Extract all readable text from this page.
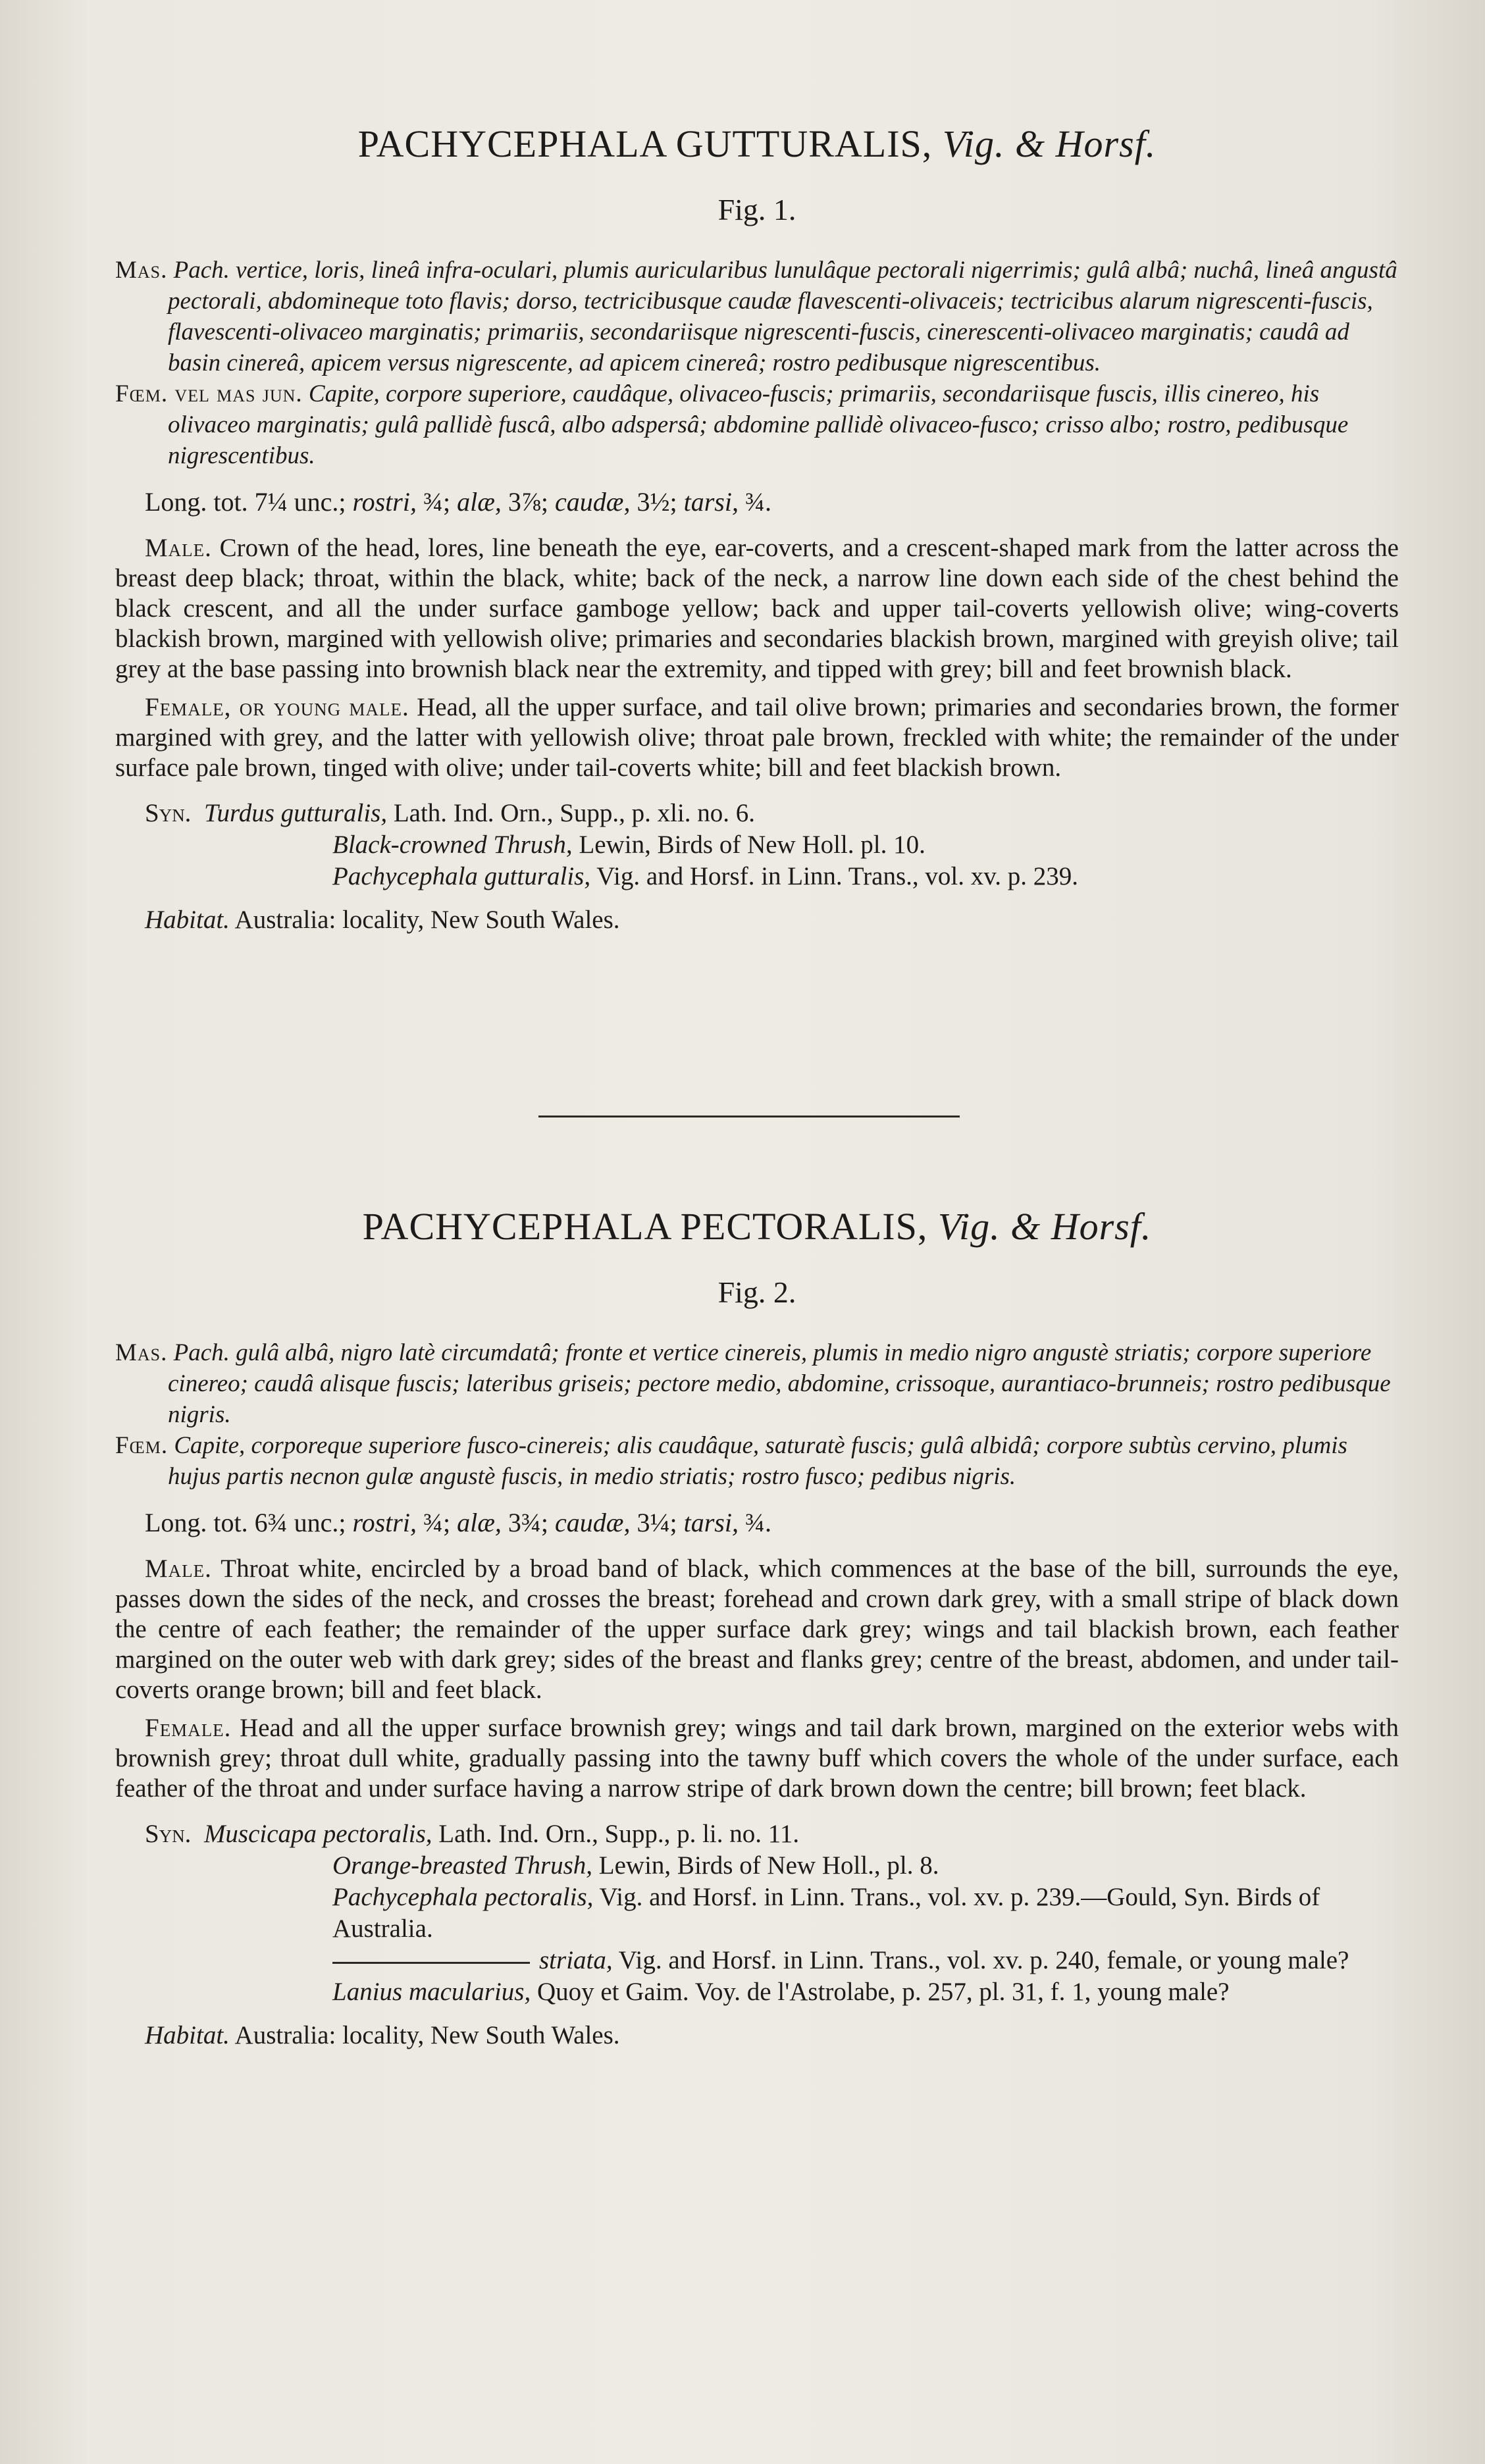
PACHYCEPHALA GUTTURALIS, Vig. & Horsf.
Fig. 1.

Mas. Pach. vertice, loris, lineâ infra-oculari, plumis auricularibus lunulâque pectorali nigerrimis; gulâ albâ; nuchâ, lineâ angustâ pectorali, abdomineque toto flavis; dorso, tectricibusque caudæ flavescenti-olivaceis; tectricibus alarum nigrescenti-fuscis, flavescenti-olivaceo marginatis; primariis, secondariisque nigrescenti-fuscis, cinerescenti-olivaceo marginatis; caudâ ad basin cinereâ, apicem versus nigrescente, ad apicem cinereâ; rostro pedibusque nigrescentibus.

Fœm. vel mas jun. Capite, corpore superiore, caudâque, olivaceo-fuscis; primariis, secondariisque fuscis, illis cinereo, his olivaceo marginatis; gulâ pallidè fuscâ, albo adspersâ; abdomine pallidè olivaceo-fusco; crisso albo; rostro, pedibusque nigrescentibus.

Long. tot. 7¼ unc.; rostri, ¾; alæ, 3⅞; caudæ, 3½; tarsi, ¾.

Male. Crown of the head, lores, line beneath the eye, ear-coverts, and a crescent-shaped mark from the latter across the breast deep black; throat, within the black, white; back of the neck, a narrow line down each side of the chest behind the black crescent, and all the under surface gamboge yellow; back and upper tail-coverts yellowish olive; wing-coverts blackish brown, margined with yellowish olive; primaries and secondaries blackish brown, margined with greyish olive; tail grey at the base passing into brownish black near the extremity, and tipped with grey; bill and feet brownish black.

Female, or young male. Head, all the upper surface, and tail olive brown; primaries and secondaries brown, the former margined with grey, and the latter with yellowish olive; throat pale brown, freckled with white; the remainder of the under surface pale brown, tinged with olive; under tail-coverts white; bill and feet blackish brown.

Syn. Turdus gutturalis, Lath. Ind. Orn., Supp., p. xli. no. 6.
Black-crowned Thrush, Lewin, Birds of New Holl. pl. 10.
Pachycephala gutturalis, Vig. and Horsf. in Linn. Trans., vol. xv. p. 239.
Habitat. Australia: locality, New South Wales.
PACHYCEPHALA PECTORALIS, Vig. & Horsf.
Fig. 2.

Mas. Pach. gulâ albâ, nigro latè circumdatâ; fronte et vertice cinereis, plumis in medio nigro angustè striatis; corpore superiore cinereo; caudâ alisque fuscis; lateribus griseis; pectore medio, abdomine, crissoque, aurantiaco-brunneis; rostro pedibusque nigris.

Fœm. Capite, corporeque superiore fusco-cinereis; alis caudâque, saturatè fuscis; gulâ albidâ; corpore subtùs cervino, plumis hujus partis necnon gulæ angustè fuscis, in medio striatis; rostro fusco; pedibus nigris.

Long. tot. 6¾ unc.; rostri, ¾; alæ, 3¾; caudæ, 3¼; tarsi, ¾.

Male. Throat white, encircled by a broad band of black, which commences at the base of the bill, surrounds the eye, passes down the sides of the neck, and crosses the breast; forehead and crown dark grey, with a small stripe of black down the centre of each feather; the remainder of the upper surface dark grey; wings and tail blackish brown, each feather margined on the outer web with dark grey; sides of the breast and flanks grey; centre of the breast, abdomen, and under tail-coverts orange brown; bill and feet black.

Female. Head and all the upper surface brownish grey; wings and tail dark brown, margined on the exterior webs with brownish grey; throat dull white, gradually passing into the tawny buff which covers the whole of the under surface, each feather of the throat and under surface having a narrow stripe of dark brown down the centre; bill brown; feet black.

Syn. Muscicapa pectoralis, Lath. Ind. Orn., Supp., p. li. no. 11.
Orange-breasted Thrush, Lewin, Birds of New Holl., pl. 8.
Pachycephala pectoralis, Vig. and Horsf. in Linn. Trans., vol. xv. p. 239.—Gould, Syn. Birds of Australia.
striata, Vig. and Horsf. in Linn. Trans., vol. xv. p. 240, female, or young male?
Lanius macularius, Quoy et Gaim. Voy. de l'Astrolabe, p. 257, pl. 31, f. 1, young male?
Habitat. Australia: locality, New South Wales.
